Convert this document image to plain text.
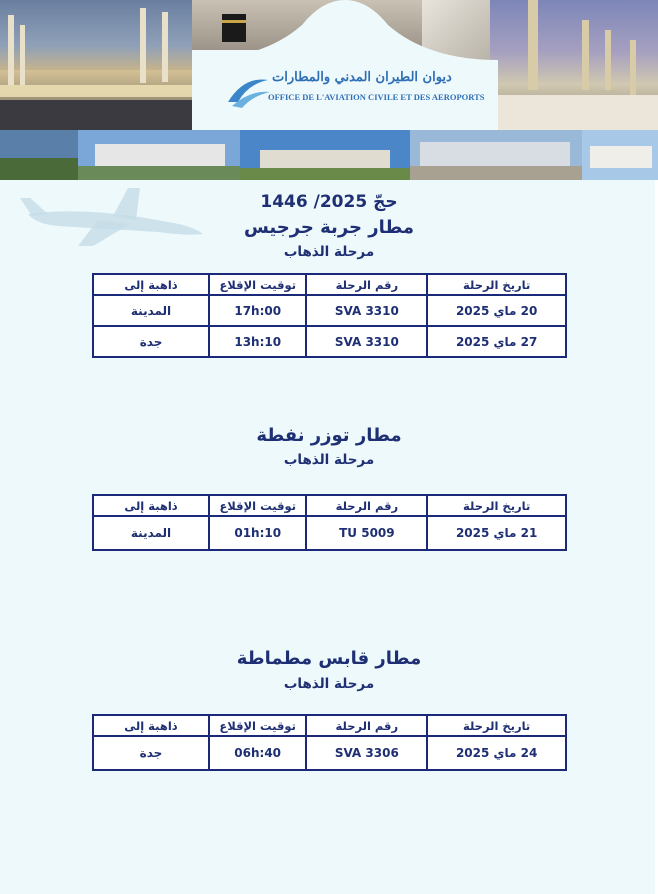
ديوان الطيران المدني والمطارات
OFFICE DE L'AVIATION CIVILE ET DES AEROPORTS
حجّ 2025/ 1446
مطار جربة جرجيس
مرحلة الذهاب
تاريخ الرحلة	رقم الرحلة	توقيت الإقلاع	ذاهبة إلى
20 ماي 2025	SVA 3310	17h:00	المدينة
27 ماي 2025	SVA 3310	13h:10	جدة
مطار توزر نفطة
مرحلة الذهاب
تاريخ الرحلة	رقم الرحلة	توقيت الإقلاع	ذاهبة إلى
21 ماي 2025	TU 5009	01h:10	المدينة
مطار قابس مطماطة
مرحلة الذهاب
تاريخ الرحلة	رقم الرحلة	توقيت الإقلاع	ذاهبة إلى
24 ماي 2025	SVA 3306	06h:40	جدة
